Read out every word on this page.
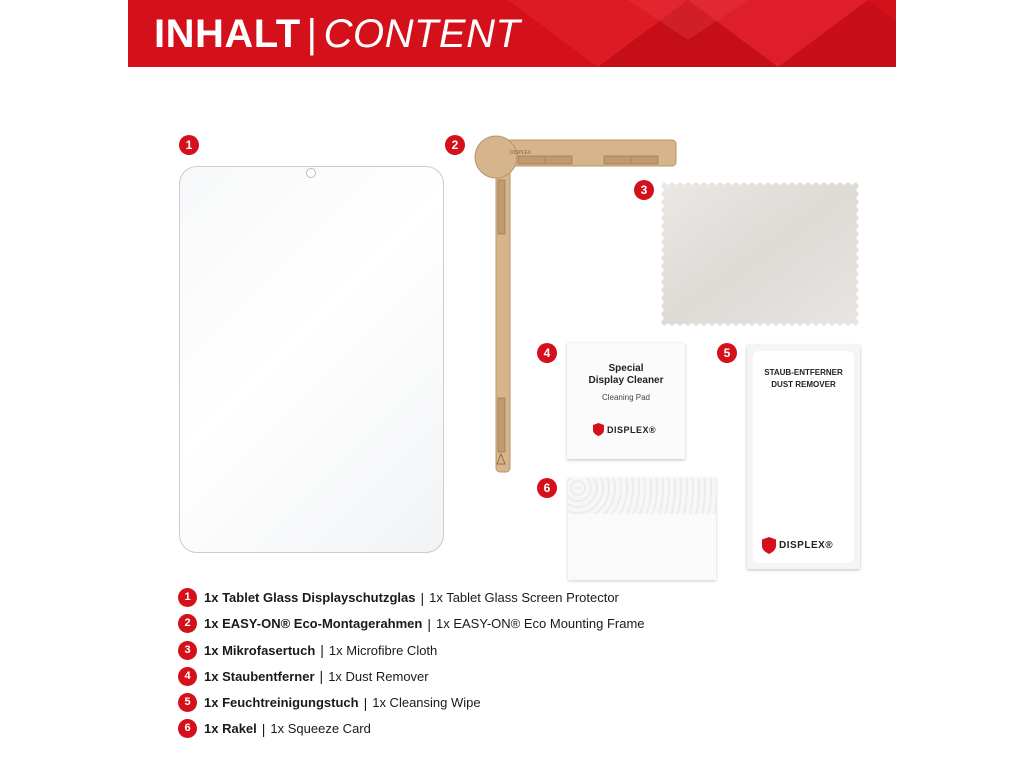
INHALT | CONTENT
1	2
3
4	5
6
DISPLEX
Special
Display Cleaner
Cleaning Pad
DISPLEX®
STAUB-ENTFERNER
DUST REMOVER
DISPLEX®
1 1x Tablet Glass Displayschutzglas | 1x Tablet Glass Screen Protector
2 1x EASY-ON® Eco-Montagerahmen | 1x EASY-ON® Eco Mounting Frame
3 1x Mikrofasertuch | 1x Microfibre Cloth
4 1x Staubentferner | 1x Dust Remover
5 1x Feuchtreinigungstuch | 1x Cleansing Wipe
6 1x Rakel | 1x Squeeze Card
